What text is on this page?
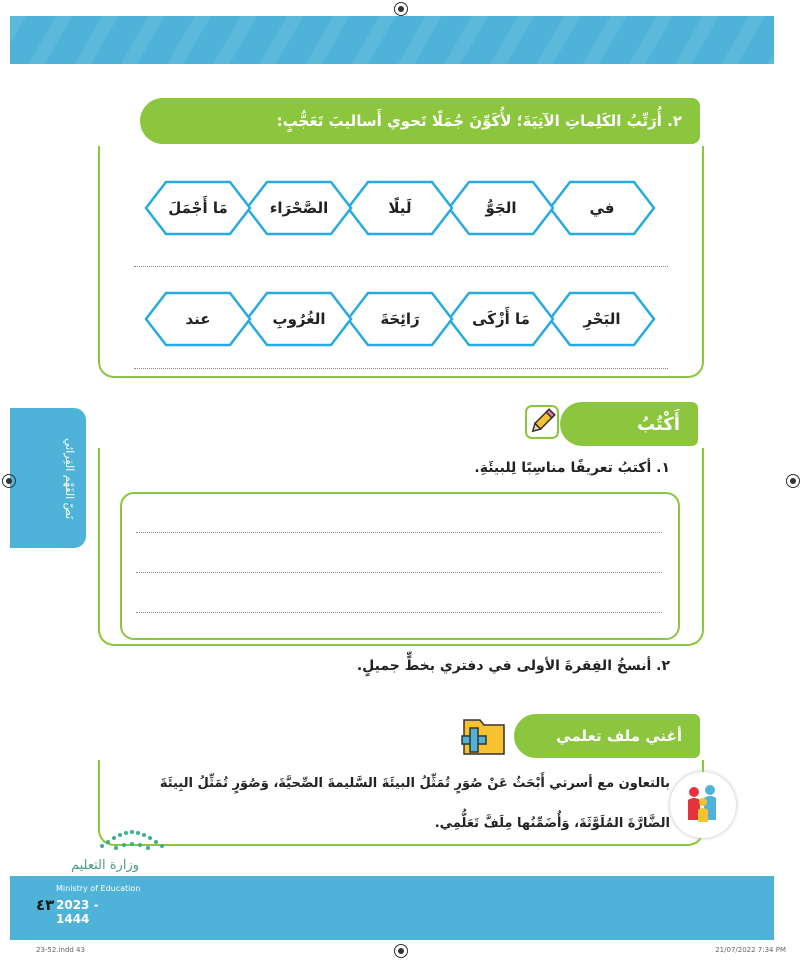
نَصّ الفَهْم القِرائي
٢. أُرَتِّبُ الكَلِماتِ الآتِيَةَ؛ لأُكَوِّنَ جُمَلًا تَحوي أَساليبَ تَعَجُّبٍ:
في
الجَوُّ
لَيلًا
الصَّحْرَاء
مَا أَجْمَلَ
البَحْرِ
مَا أَزْكَى
رَائِحَةَ
الغُرُوبِ
عند
أَكْتُبُ
١. أكتبُ تعريفًا مناسِبًا لِلبيئَةِ.
٢. أنسخُ الفِقرةَ الأولى في دفتري بخطٍّ جميلٍ.
أغني ملف تعلمي
بالتعاون مع أسرتي أَبْحَثُ عَنْ صُوَرٍ تُمَثِّلُ البيئَةَ السَّليمةَ الصِّحيَّةَ، وَصُوَرٍ تُمَثِّلُ البِيئَةَ
الضَّارَّةَ المُلَوَّثَةَ، وَأُضَمِّنُها مِلَفَّ تَعَلُّمِي.
وزارة التعليم
Ministry of Education
2023 - 1444
٤٣
23-52.indd 43	21/07/2022 7:34 PM
